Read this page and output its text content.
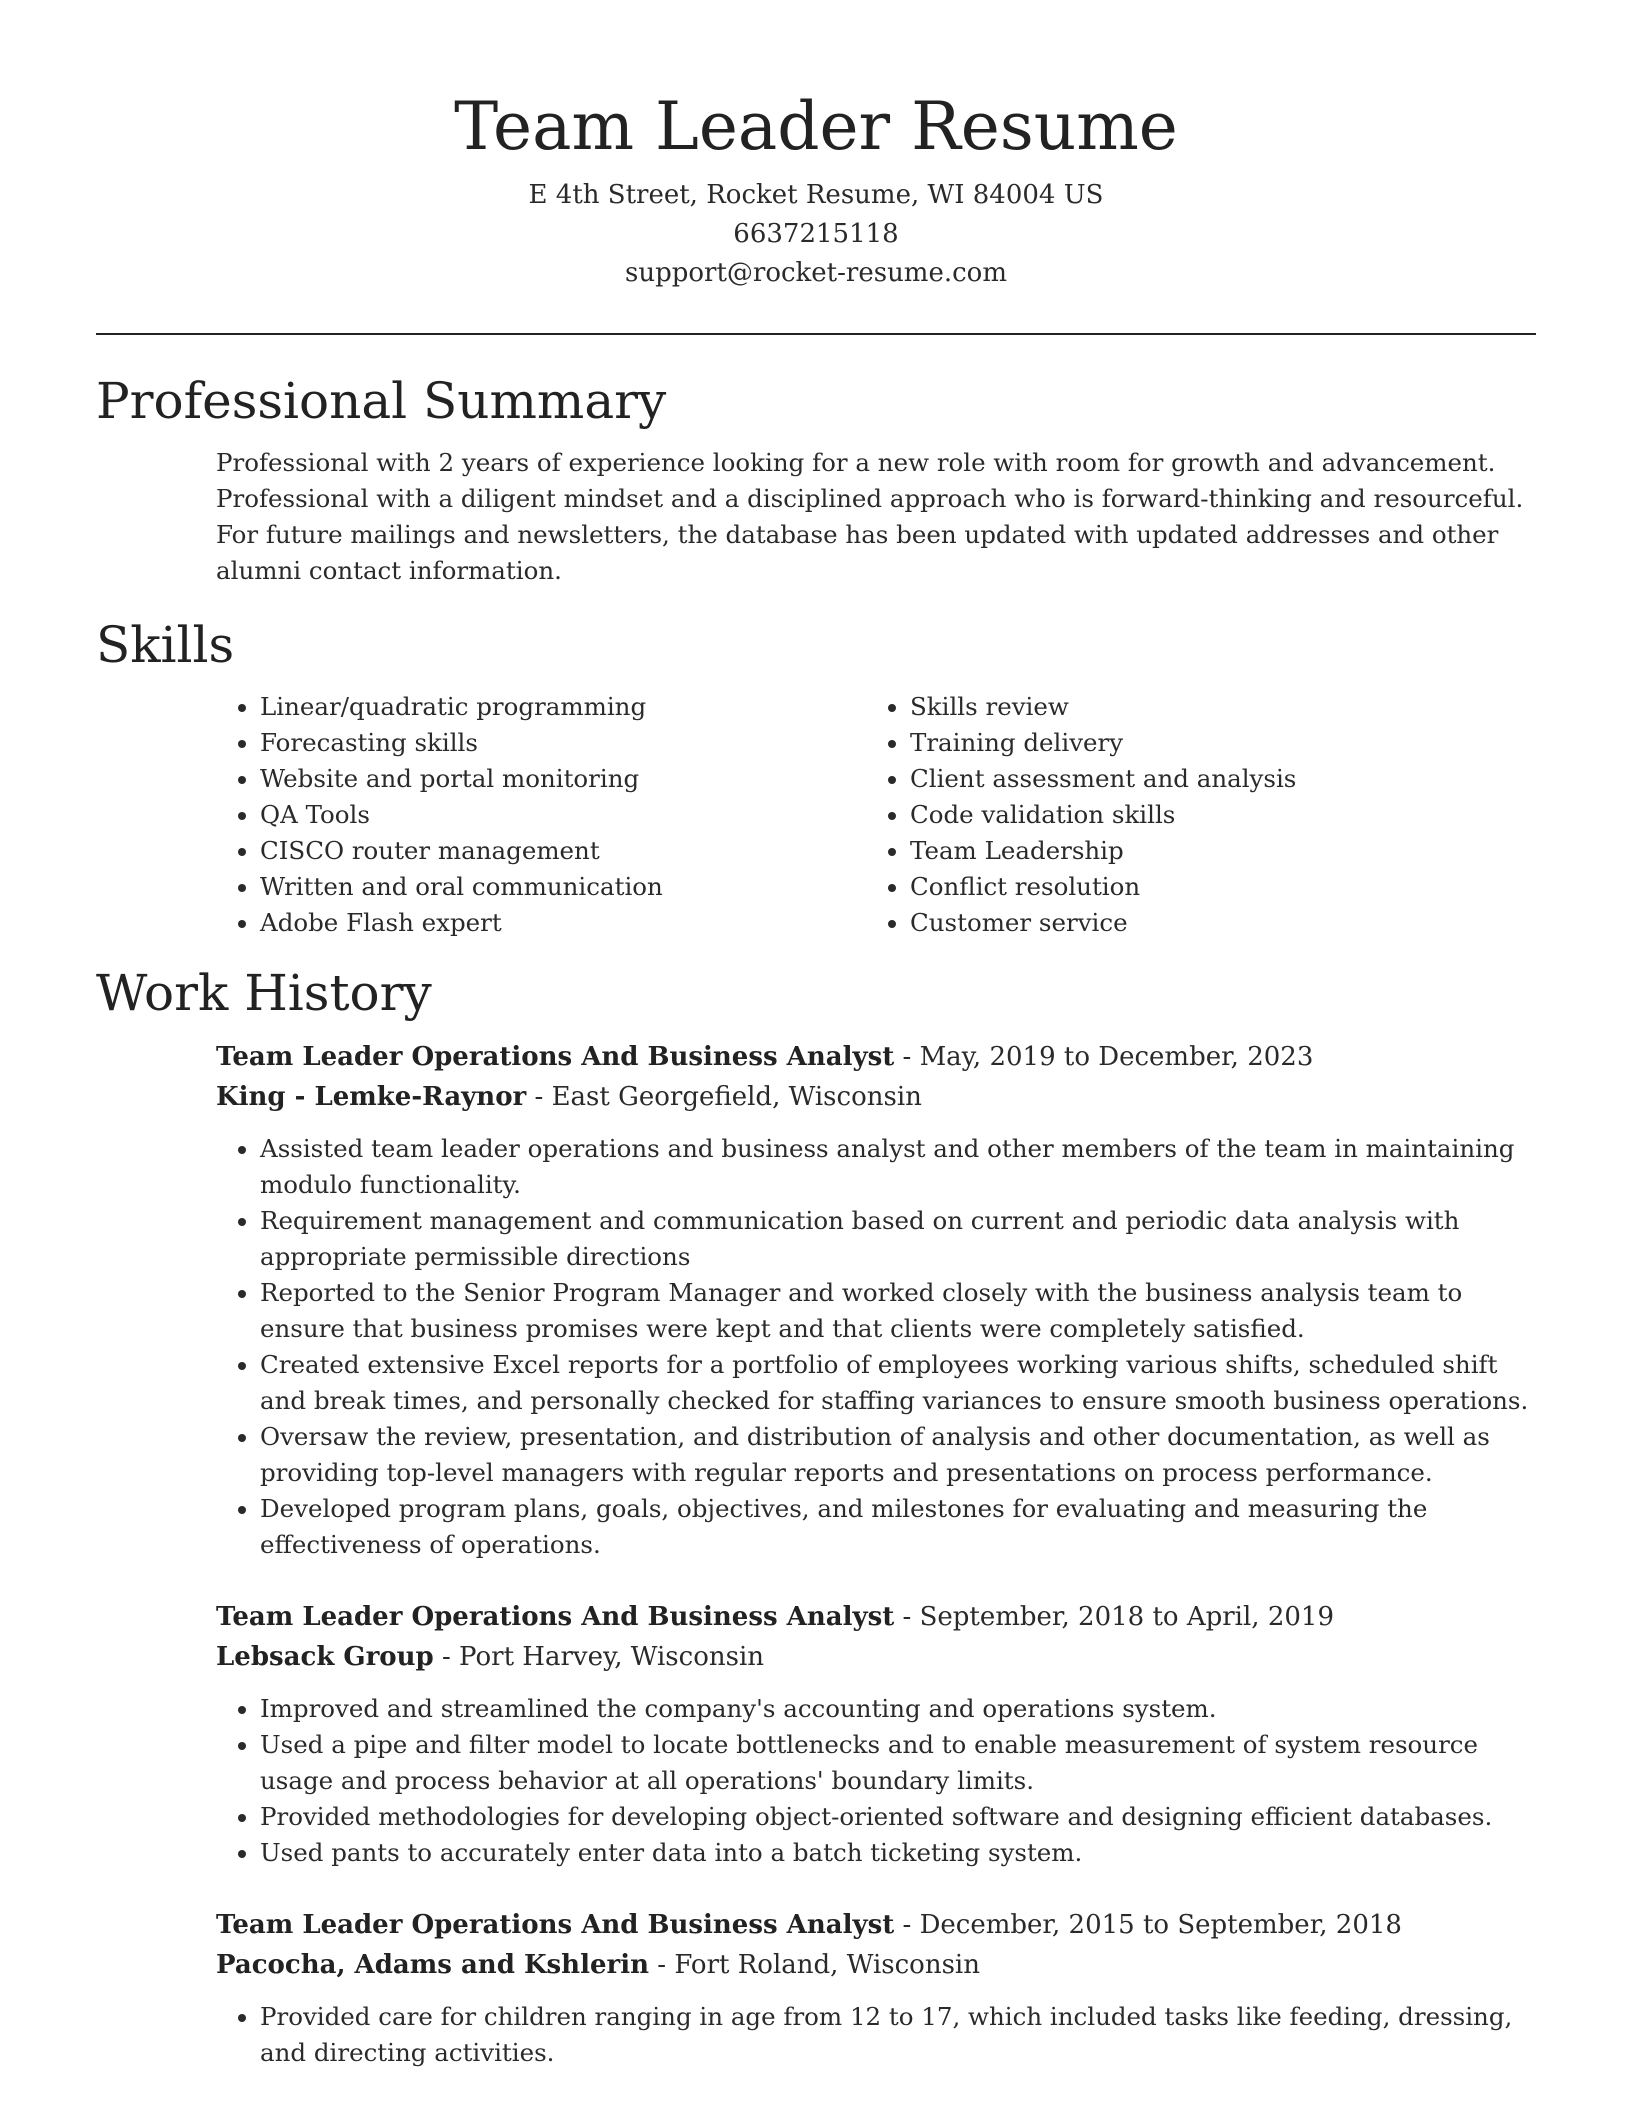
Team Leader Resume
E 4th Street, Rocket Resume, WI 84004 US
6637215118
support@rocket-resume.com
Professional Summary

Professional with 2 years of experience looking for a new role with room for growth and advancement. Professional with a diligent mindset and a disciplined approach who is forward-thinking and resourceful. For future mailings and newsletters, the database has been updated with updated addresses and other alumni contact information.

Skills
• Linear/quadratic programming
• Forecasting skills
• Website and portal monitoring
• QA Tools
• CISCO router management
• Written and oral communication
• Adobe Flash expert
• Skills review
• Training delivery
• Client assessment and analysis
• Code validation skills
• Team Leadership
• Conflict resolution
• Customer service
Work History
Team Leader Operations And Business Analyst - May, 2019 to December, 2023
King - Lemke-Raynor - East Georgefield, Wisconsin
• Assisted team leader operations and business analyst and other members of the team in maintaining modulo functionality.
• Requirement management and communication based on current and periodic data analysis with appropriate permissible directions
• Reported to the Senior Program Manager and worked closely with the business analysis team to ensure that business promises were kept and that clients were completely satisfied.
• Created extensive Excel reports for a portfolio of employees working various shifts, scheduled shift and break times, and personally checked for staffing variances to ensure smooth business operations.
• Oversaw the review, presentation, and distribution of analysis and other documentation, as well as providing top-level managers with regular reports and presentations on process performance.
• Developed program plans, goals, objectives, and milestones for evaluating and measuring the effectiveness of operations.
Team Leader Operations And Business Analyst - September, 2018 to April, 2019
Lebsack Group - Port Harvey, Wisconsin
• Improved and streamlined the company's accounting and operations system.
• Used a pipe and filter model to locate bottlenecks and to enable measurement of system resource usage and process behavior at all operations' boundary limits.
• Provided methodologies for developing object-oriented software and designing efficient databases.
• Used pants to accurately enter data into a batch ticketing system.
Team Leader Operations And Business Analyst - December, 2015 to September, 2018
Pacocha, Adams and Kshlerin - Fort Roland, Wisconsin
• Provided care for children ranging in age from 12 to 17, which included tasks like feeding, dressing, and directing activities.
